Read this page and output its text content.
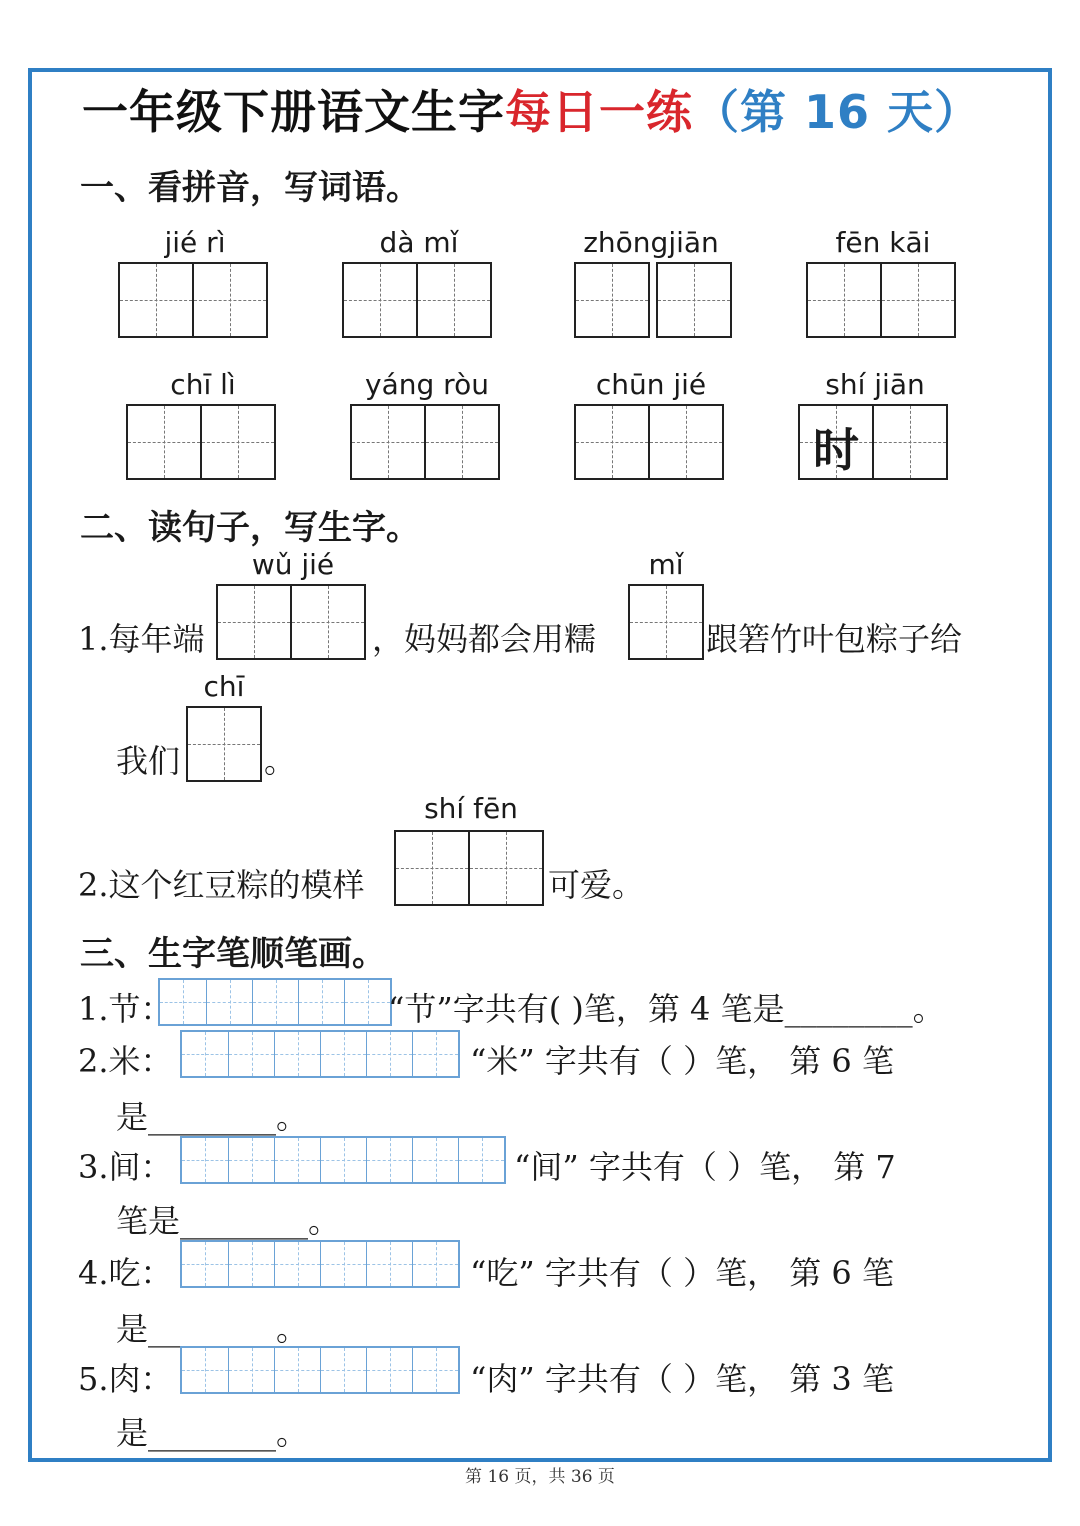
一年级下册语文生字每日一练（第 16 天）
一、看拼音，写词语。
jié rì	dà mǐ	zhōngjiān	fēn kāi
chī lì	yáng ròu	chūn jié	shí jiān
时
二、读句子，写生字。
wǔ jié
1.每年端	，妈妈都会用糯
mǐ
跟箬竹叶包粽子给
chī
我们	。
shí fēn
2.这个红豆粽的模样	可爱。
三、生字笔顺笔画。
1.节：	“节”字共有( )笔，第 4 笔是________。
2.米：	“米” 字共有（ ）笔， 第 6 笔
是________。
3.间：	“间” 字共有（ ）笔， 第 7
笔是________。
4.吃：	“吃” 字共有（ ）笔， 第 6 笔
是________。
5.肉：	“肉” 字共有（ ）笔， 第 3 笔
是________。
第 16 页，共 36 页
